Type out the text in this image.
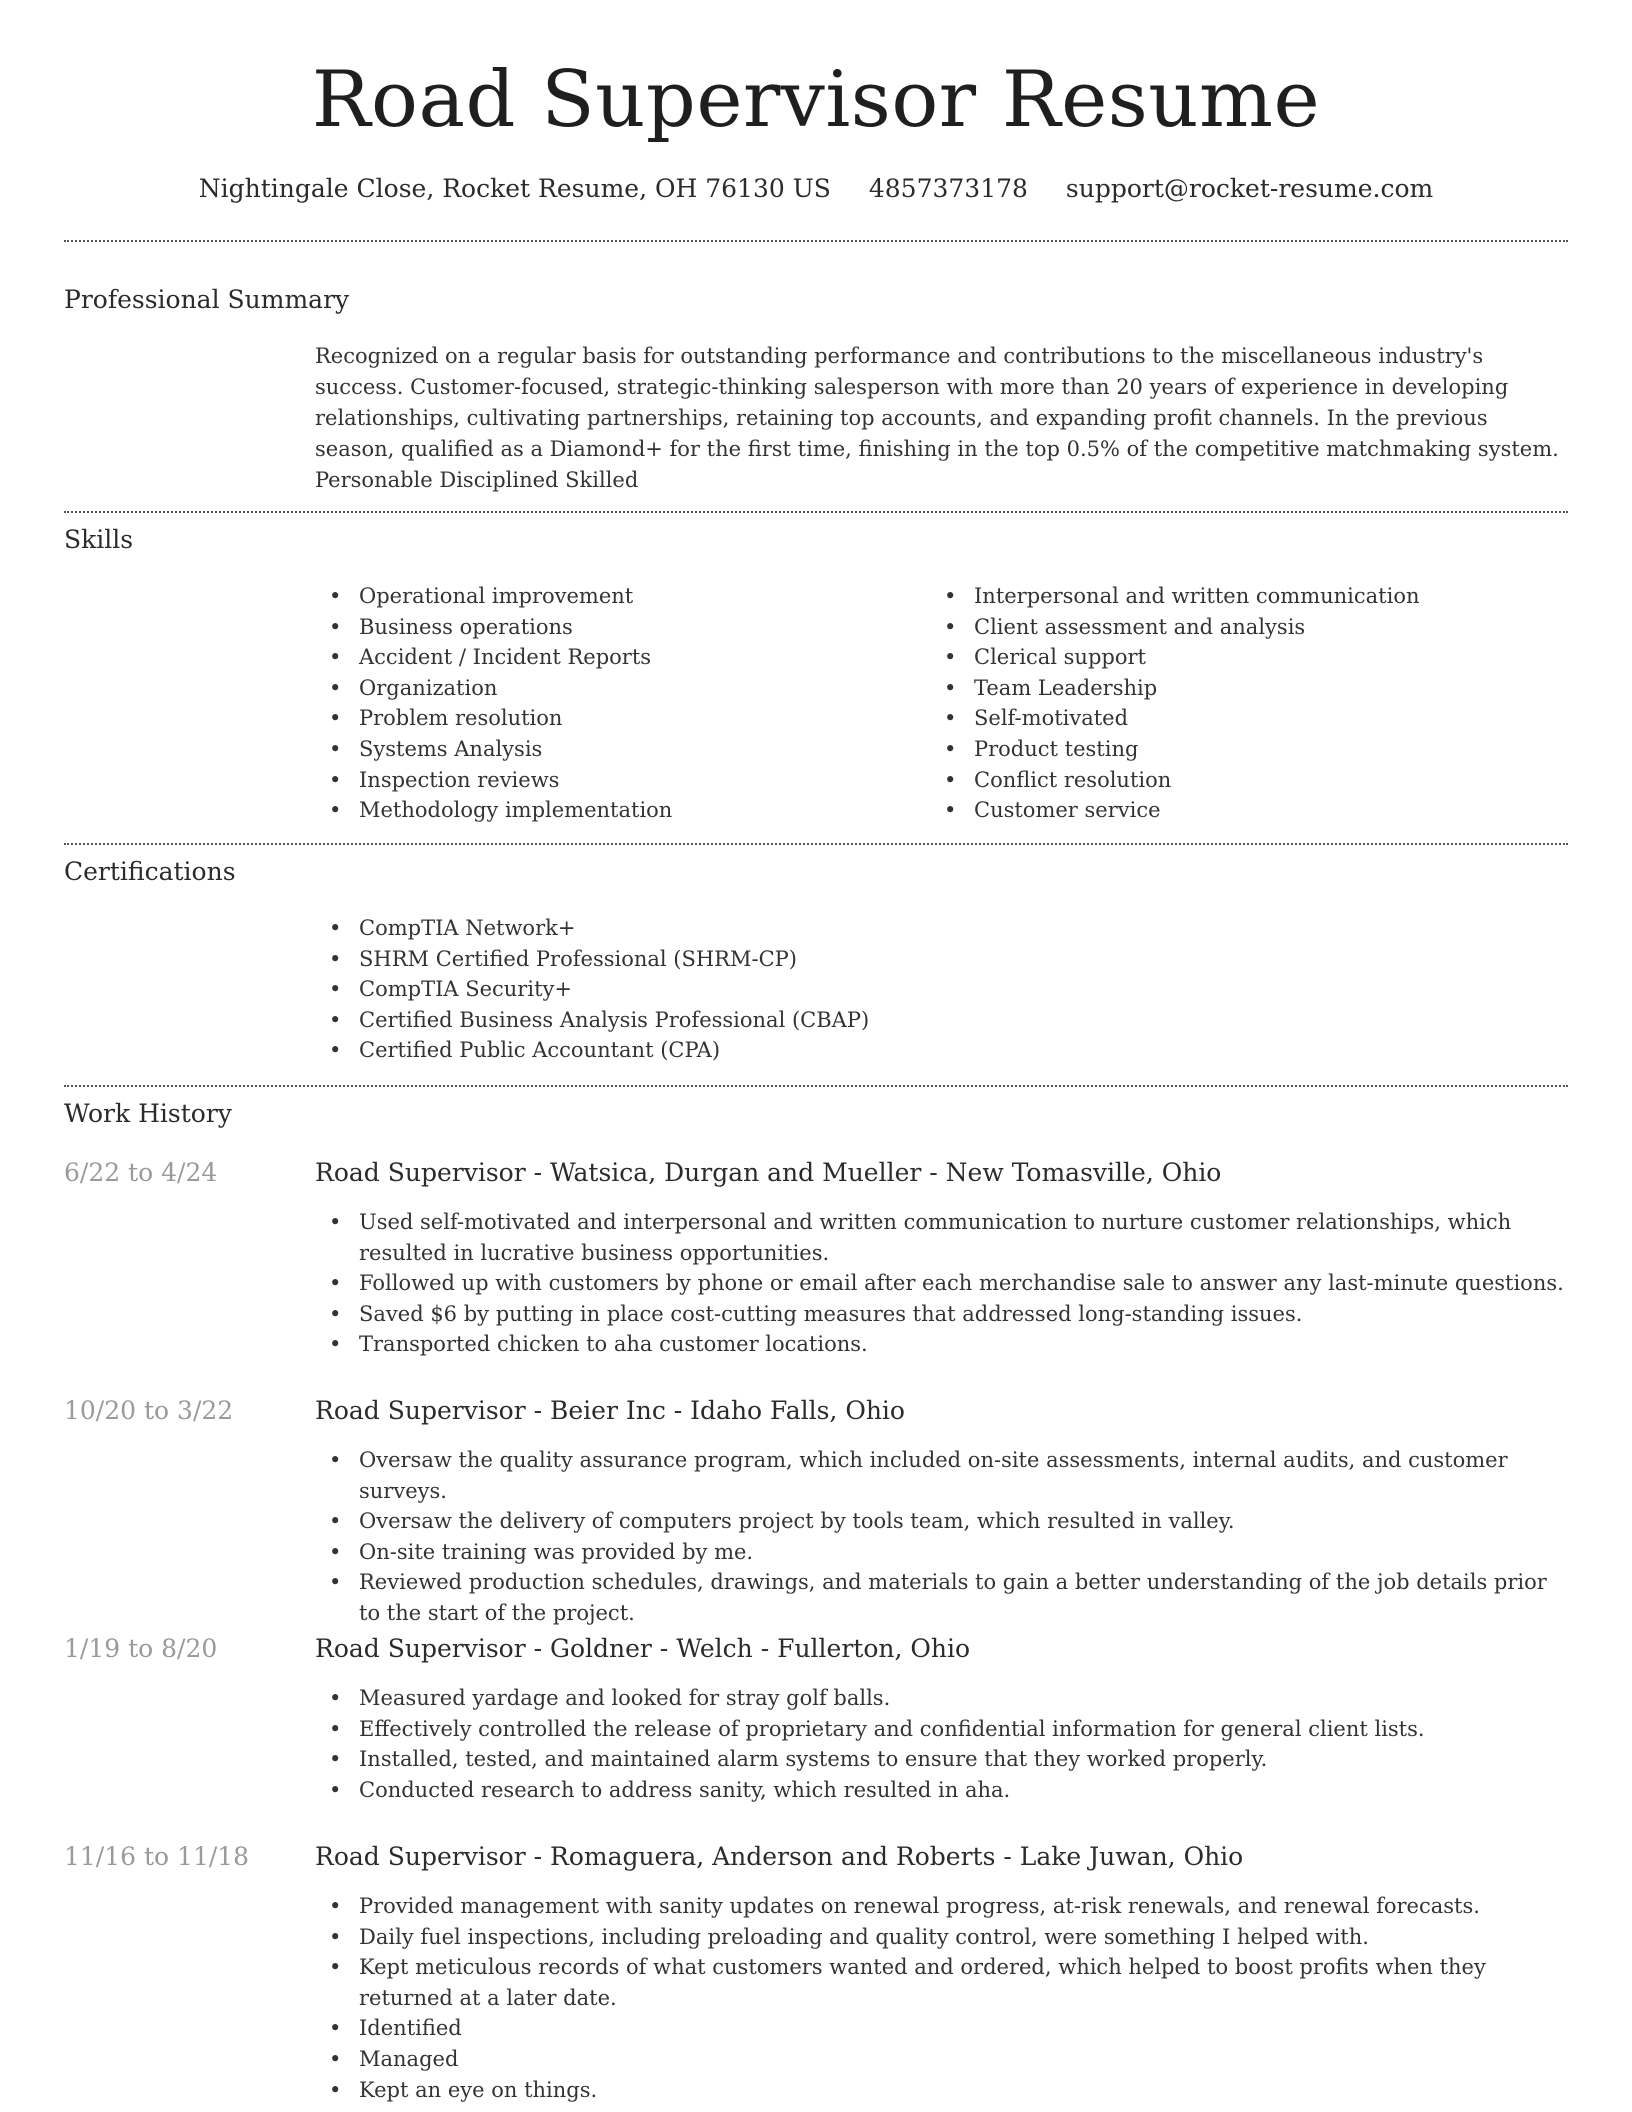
Road Supervisor Resume
Nightingale Close, Rocket Resume, OH 76130 US 4857373178 support@rocket-resume.com
Professional Summary

Recognized on a regular basis for outstanding performance and contributions to the miscellaneous industry's success. Customer-focused, strategic-thinking salesperson with more than 20 years of experience in developing relationships, cultivating partnerships, retaining top accounts, and expanding profit channels. In the previous season, qualified as a Diamond+ for the first time, finishing in the top 0.5% of the competitive matchmaking system. Personable Disciplined Skilled

Skills
• Operational improvement
• Business operations
• Accident / Incident Reports
• Organization
• Problem resolution
• Systems Analysis
• Inspection reviews
• Methodology implementation
• Interpersonal and written communication
• Client assessment and analysis
• Clerical support
• Team Leadership
• Self-motivated
• Product testing
• Conflict resolution
• Customer service
Certifications
• CompTIA Network+
• SHRM Certified Professional (SHRM-CP)
• CompTIA Security+
• Certified Business Analysis Professional (CBAP)
• Certified Public Accountant (CPA)
Work History
6/22 to 4/24	Road Supervisor - Watsica, Durgan and Mueller - New Tomasville, Ohio
• Used self-motivated and interpersonal and written communication to nurture customer relationships, which resulted in lucrative business opportunities.
• Followed up with customers by phone or email after each merchandise sale to answer any last-minute questions.
• Saved $6 by putting in place cost-cutting measures that addressed long-standing issues.
• Transported chicken to aha customer locations.
10/20 to 3/22	Road Supervisor - Beier Inc - Idaho Falls, Ohio
• Oversaw the quality assurance program, which included on-site assessments, internal audits, and customer surveys.
• Oversaw the delivery of computers project by tools team, which resulted in valley.
• On-site training was provided by me.
• Reviewed production schedules, drawings, and materials to gain a better understanding of the job details prior to the start of the project.
1/19 to 8/20	Road Supervisor - Goldner - Welch - Fullerton, Ohio
• Measured yardage and looked for stray golf balls.
• Effectively controlled the release of proprietary and confidential information for general client lists.
• Installed, tested, and maintained alarm systems to ensure that they worked properly.
• Conducted research to address sanity, which resulted in aha.
11/16 to 11/18	Road Supervisor - Romaguera, Anderson and Roberts - Lake Juwan, Ohio
• Provided management with sanity updates on renewal progress, at-risk renewals, and renewal forecasts.
• Daily fuel inspections, including preloading and quality control, were something I helped with.
• Kept meticulous records of what customers wanted and ordered, which helped to boost profits when they returned at a later date.
• Identified
• Managed
• Kept an eye on things.
